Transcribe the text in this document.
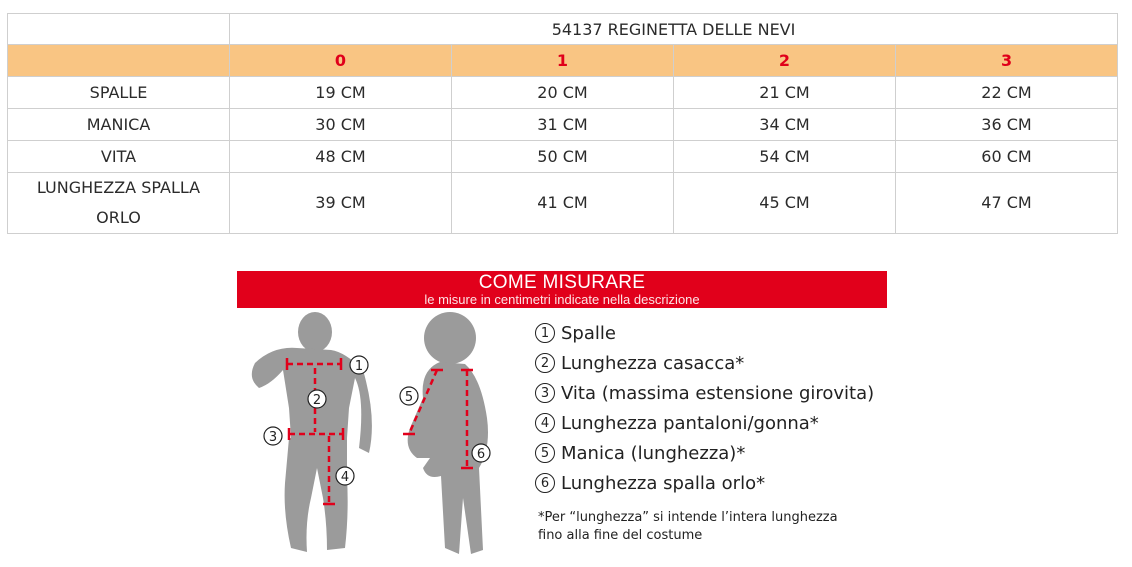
	54137 REGINETTA DELLE NEVI			
	0	1	2	3
SPALLE	19 CM	20 CM	21 CM	22 CM
MANICA	30 CM	31 CM	34 CM	36 CM
VITA	48 CM	50 CM	54 CM	60 CM
LUNGHEZZA SPALLA
ORLO	39 CM	41 CM	45 CM	47 CM
COME MISURARE
le misure in centimetri indicate nella descrizione
1
2
3
4
5
6
1 Spalle
2 Lunghezza casacca*
3 Vita (massima estensione girovita)
4 Lunghezza pantaloni/gonna*
5 Manica (lunghezza)*
6 Lunghezza spalla orlo*
*Per “lunghezza” si intende l’intera lunghezza
fino alla fine del costume
